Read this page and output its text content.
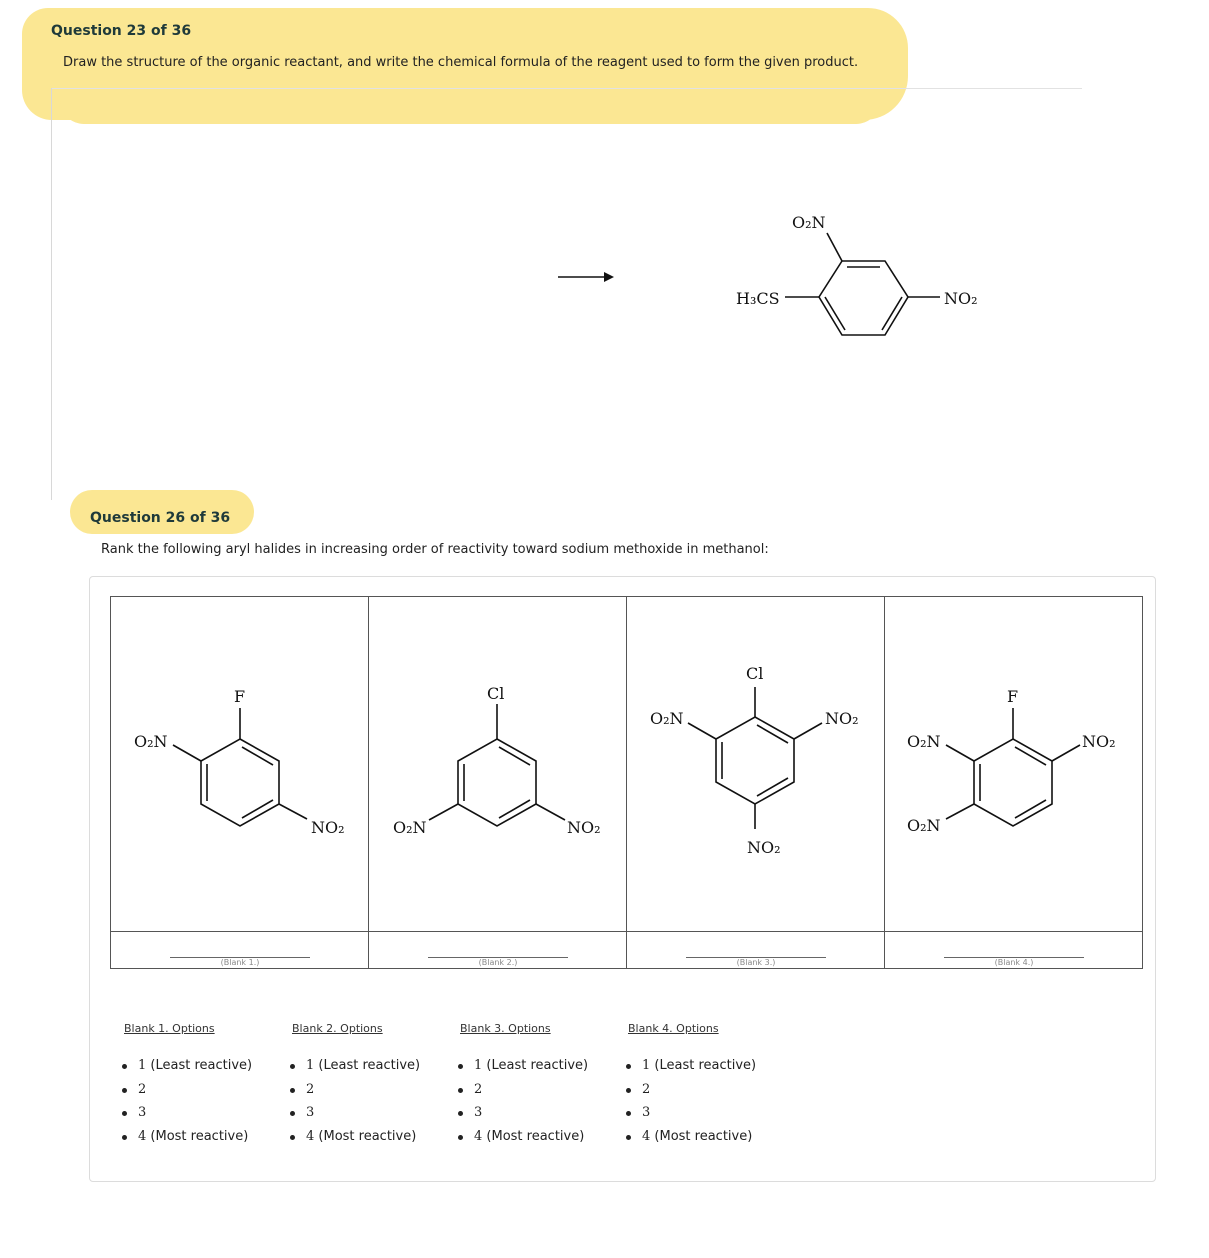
Question 23 of 36
Draw the structure of the organic reactant, and write the chemical formula of the reagent used to form the given product.
O₂N
H₃CS	NO₂
Question 26 of 36
Rank the following aryl halides in increasing order of reactivity toward sodium methoxide in methanol:
(Blank 1.)	(Blank 2.)	(Blank 3.)	(Blank 4.)
F
O₂N
NO₂
Cl
O₂N	NO₂
Cl
O₂N	NO₂
NO₂
F
O₂N
O₂N
NO₂
Blank 1. Options
1 (Least reactive)
2
3
4 (Most reactive)
Blank 2. Options
1 (Least reactive)
2
3
4 (Most reactive)
Blank 3. Options
1 (Least reactive)
2
3
4 (Most reactive)
Blank 4. Options
1 (Least reactive)
2
3
4 (Most reactive)
